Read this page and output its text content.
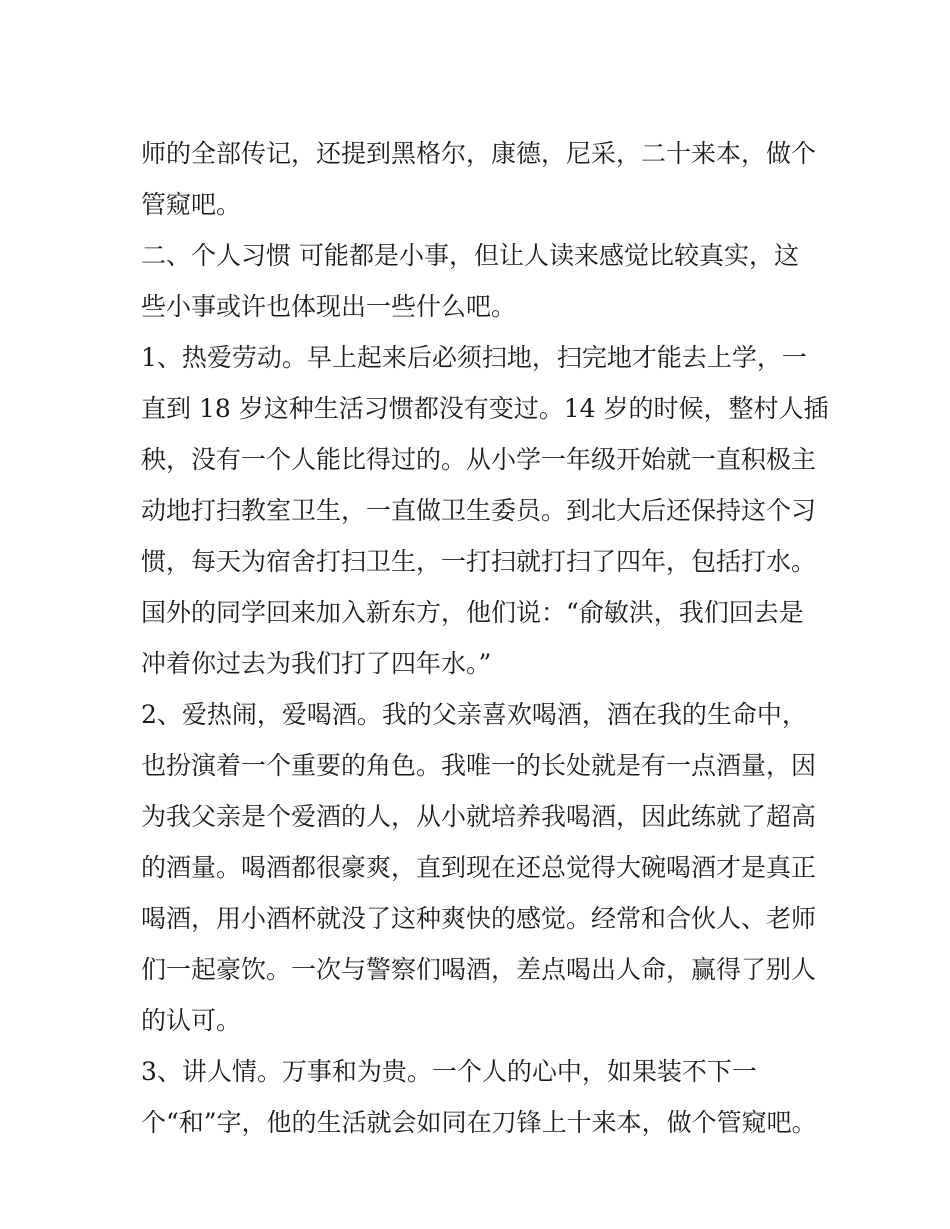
师的全部传记，还提到黑格尔，康德，尼采，二十来本，做个
管窥吧。
二、个人习惯 可能都是小事，但让人读来感觉比较真实，这
些小事或许也体现出一些什么吧。
1、热爱劳动。早上起来后必须扫地，扫完地才能去上学，一
直到 18 岁这种生活习惯都没有变过。14 岁的时候，整村人插
秧，没有一个人能比得过的。从小学一年级开始就一直积极主
动地打扫教室卫生，一直做卫生委员。到北大后还保持这个习
惯，每天为宿舍打扫卫生，一打扫就打扫了四年，包括打水。
国外的同学回来加入新东方，他们说：“俞敏洪，我们回去是
冲着你过去为我们打了四年水。”
2、爱热闹，爱喝酒。我的父亲喜欢喝酒，酒在我的生命中，
也扮演着一个重要的角色。我唯一的长处就是有一点酒量，因
为我父亲是个爱酒的人，从小就培养我喝酒，因此练就了超高
的酒量。喝酒都很豪爽，直到现在还总觉得大碗喝酒才是真正
喝酒，用小酒杯就没了这种爽快的感觉。经常和合伙人、老师
们一起豪饮。一次与警察们喝酒，差点喝出人命，赢得了别人
的认可。
3、讲人情。万事和为贵。一个人的心中，如果装不下一
个“和”字，他的生活就会如同在刀锋上十来本，做个管窥吧。
